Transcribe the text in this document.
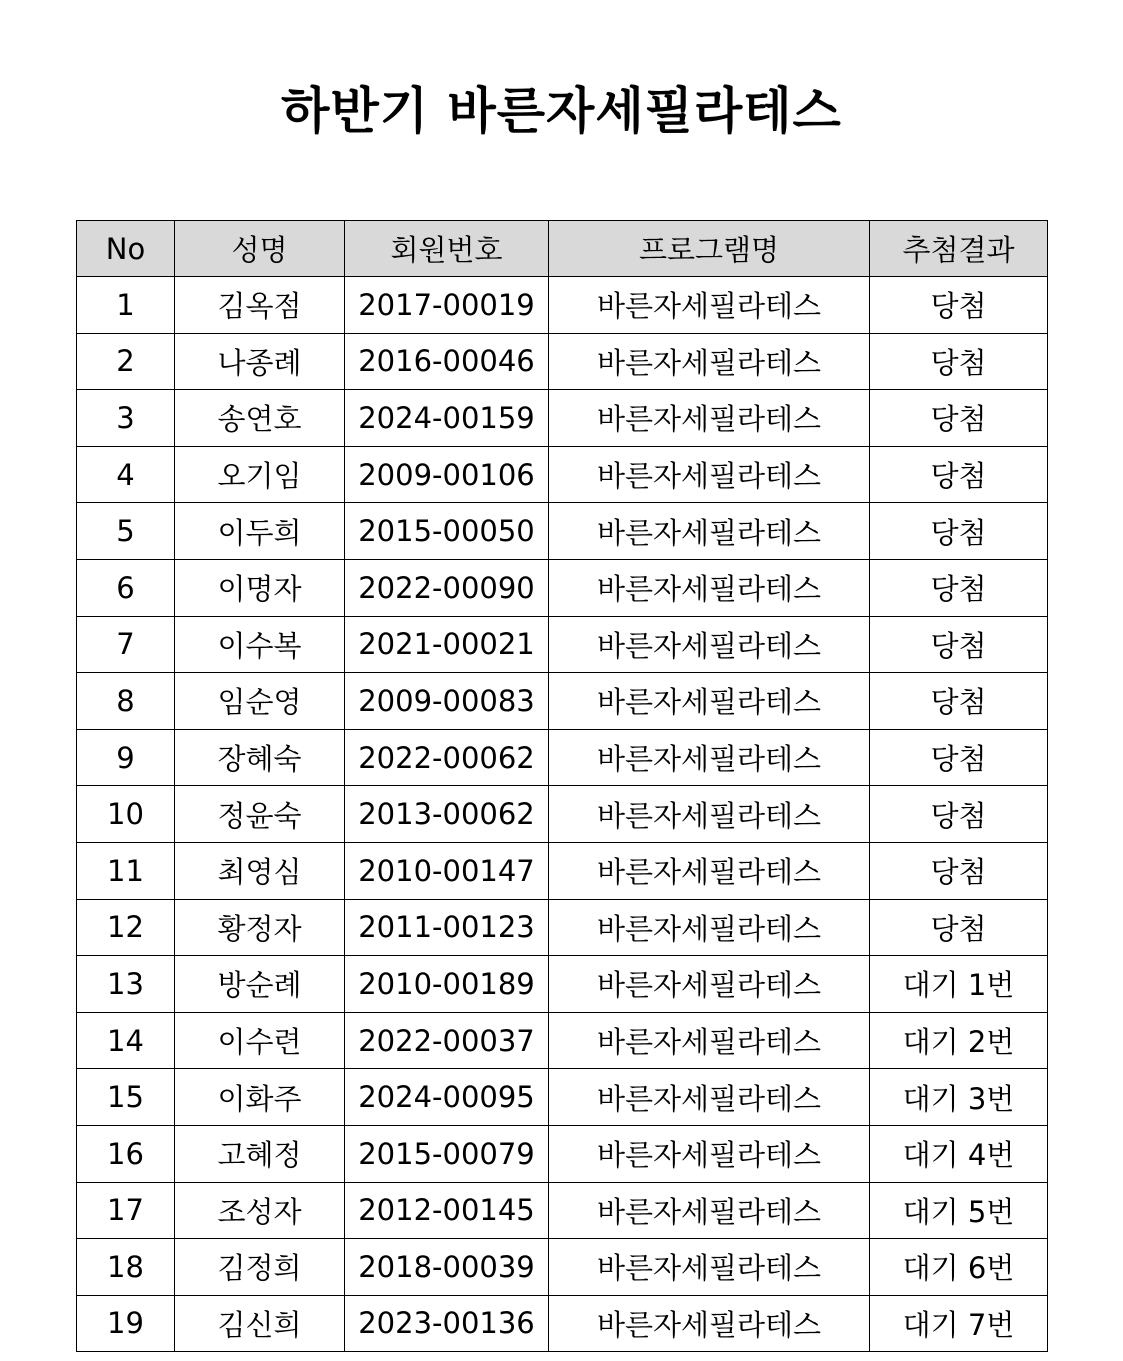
하반기 바른자세필라테스
No	성명	회원번호	프로그램명	추첨결과
1	김옥점	2017-00019	바른자세필라테스	당첨
2	나종례	2016-00046	바른자세필라테스	당첨
3	송연호	2024-00159	바른자세필라테스	당첨
4	오기임	2009-00106	바른자세필라테스	당첨
5	이두희	2015-00050	바른자세필라테스	당첨
6	이명자	2022-00090	바른자세필라테스	당첨
7	이수복	2021-00021	바른자세필라테스	당첨
8	임순영	2009-00083	바른자세필라테스	당첨
9	장혜숙	2022-00062	바른자세필라테스	당첨
10	정윤숙	2013-00062	바른자세필라테스	당첨
11	최영심	2010-00147	바른자세필라테스	당첨
12	황정자	2011-00123	바른자세필라테스	당첨
13	방순례	2010-00189	바른자세필라테스	대기 1번
14	이수련	2022-00037	바른자세필라테스	대기 2번
15	이화주	2024-00095	바른자세필라테스	대기 3번
16	고혜정	2015-00079	바른자세필라테스	대기 4번
17	조성자	2012-00145	바른자세필라테스	대기 5번
18	김정희	2018-00039	바른자세필라테스	대기 6번
19	김신희	2023-00136	바른자세필라테스	대기 7번
